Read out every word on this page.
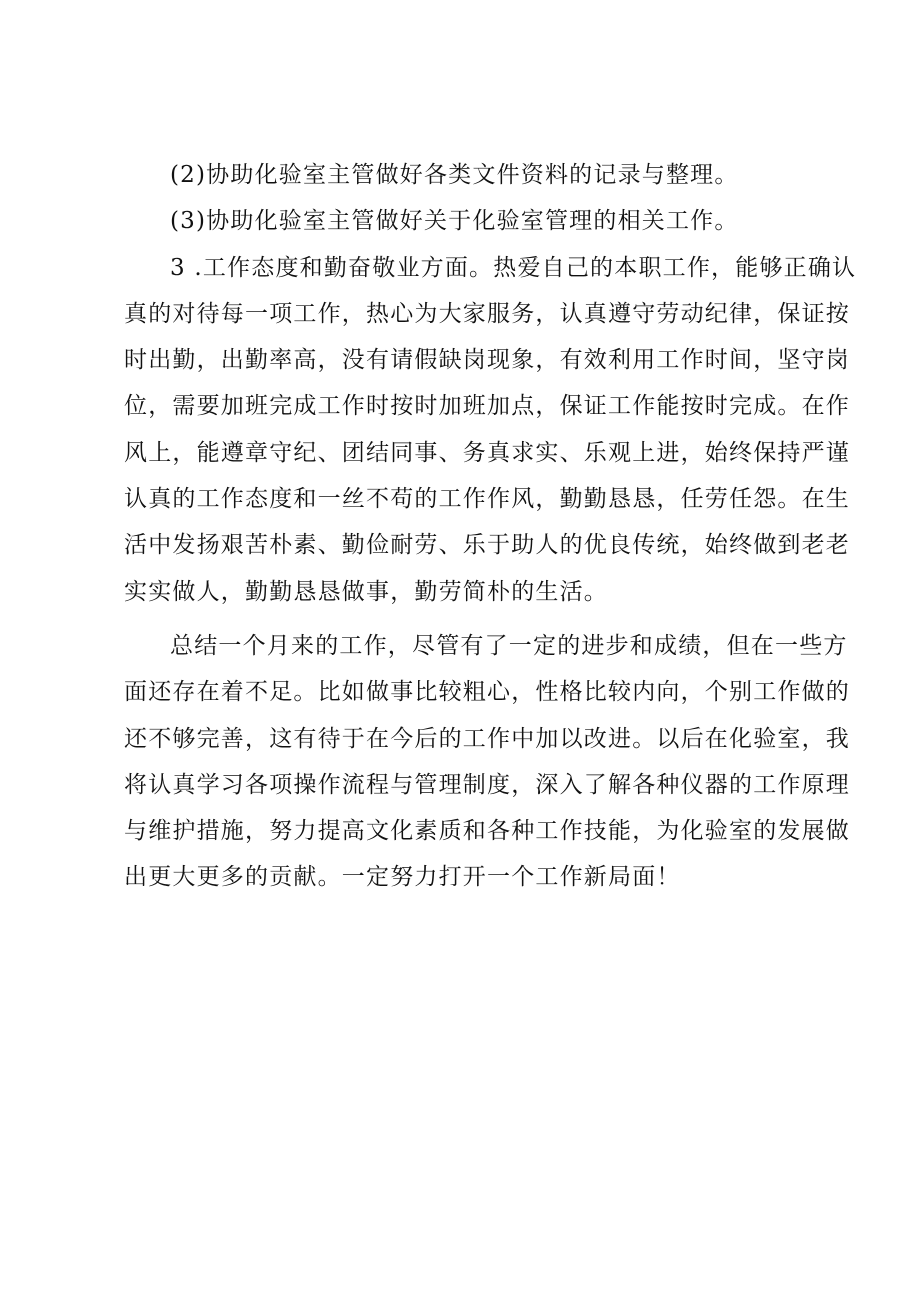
(2)协助化验室主管做好各类文件资料的记录与整理。
(3)协助化验室主管做好关于化验室管理的相关工作。
3 .工作态度和勤奋敬业方面。热爱自己的本职工作，能够正确认
真的对待每一项工作，热心为大家服务，认真遵守劳动纪律，保证按
时出勤，出勤率高，没有请假缺岗现象，有效利用工作时间，坚守岗
位，需要加班完成工作时按时加班加点，保证工作能按时完成。在作
风上，能遵章守纪、团结同事、务真求实、乐观上进，始终保持严谨
认真的工作态度和一丝不苟的工作作风，勤勤恳恳，任劳任怨。在生
活中发扬艰苦朴素、勤俭耐劳、乐于助人的优良传统，始终做到老老
实实做人，勤勤恳恳做事，勤劳简朴的生活。
总结一个月来的工作，尽管有了一定的进步和成绩，但在一些方
面还存在着不足。比如做事比较粗心，性格比较内向，个别工作做的
还不够完善，这有待于在今后的工作中加以改进。以后在化验室，我
将认真学习各项操作流程与管理制度，深入了解各种仪器的工作原理
与维护措施，努力提高文化素质和各种工作技能，为化验室的发展做
出更大更多的贡献。一定努力打开一个工作新局面！
